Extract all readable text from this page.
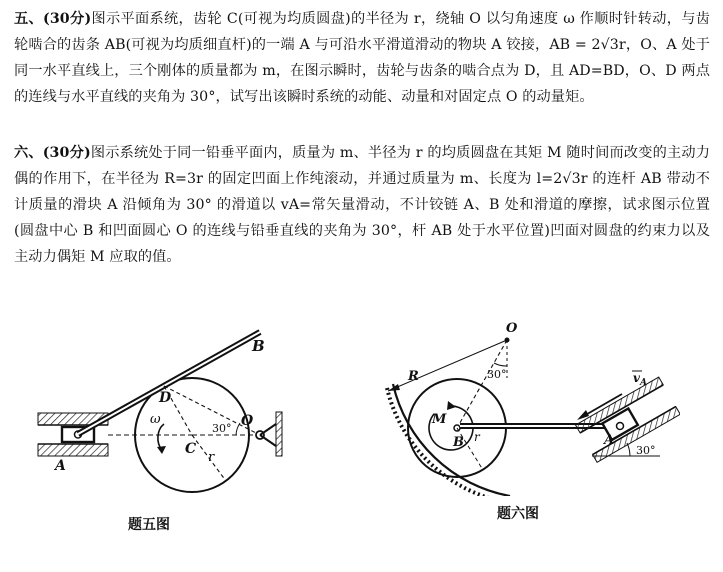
五、(30分)图示平面系统，齿轮 C(可视为均质圆盘)的半径为 r，绕轴 O 以匀角速度 ω 作顺时针转动，与齿轮啮合的齿条 AB(可视为均质细直杆)的一端 A 与可沿水平滑道滑动的物块 A 铰接，AB = 2√3r，O、A 处于同一水平直线上，三个刚体的质量都为 m，在图示瞬时，齿轮与齿条的啮合点为 D，且 AD=BD，O、D 两点的连线与水平直线的夹角为 30°，试写出该瞬时系统的动能、动量和对固定点 O 的动量矩。

六、(30分)图示系统处于同一铅垂平面内，质量为 m、半径为 r 的均质圆盘在其矩 M 随时间而改变的主动力偶的作用下，在半径为 R=3r 的固定凹面上作纯滚动，并通过质量为 m、长度为 l=2√3r 的连杆 AB 带动不计质量的滑块 A 沿倾角为 30° 的滑道以 vA=常矢量滑动，不计铰链 A、B 处和滑道的摩擦，试求图示位置(圆盘中心 B 和凹面圆心 O 的连线与铅垂直线的夹角为 30°，杆 AB 处于水平位置)凹面对圆盘的约束力以及主动力偶矩 M 应取的值。

B
D
O
C
r
ω
30°
A
题五图
O
R	30°
M
B r	A
$v_A$
30°
题六图
